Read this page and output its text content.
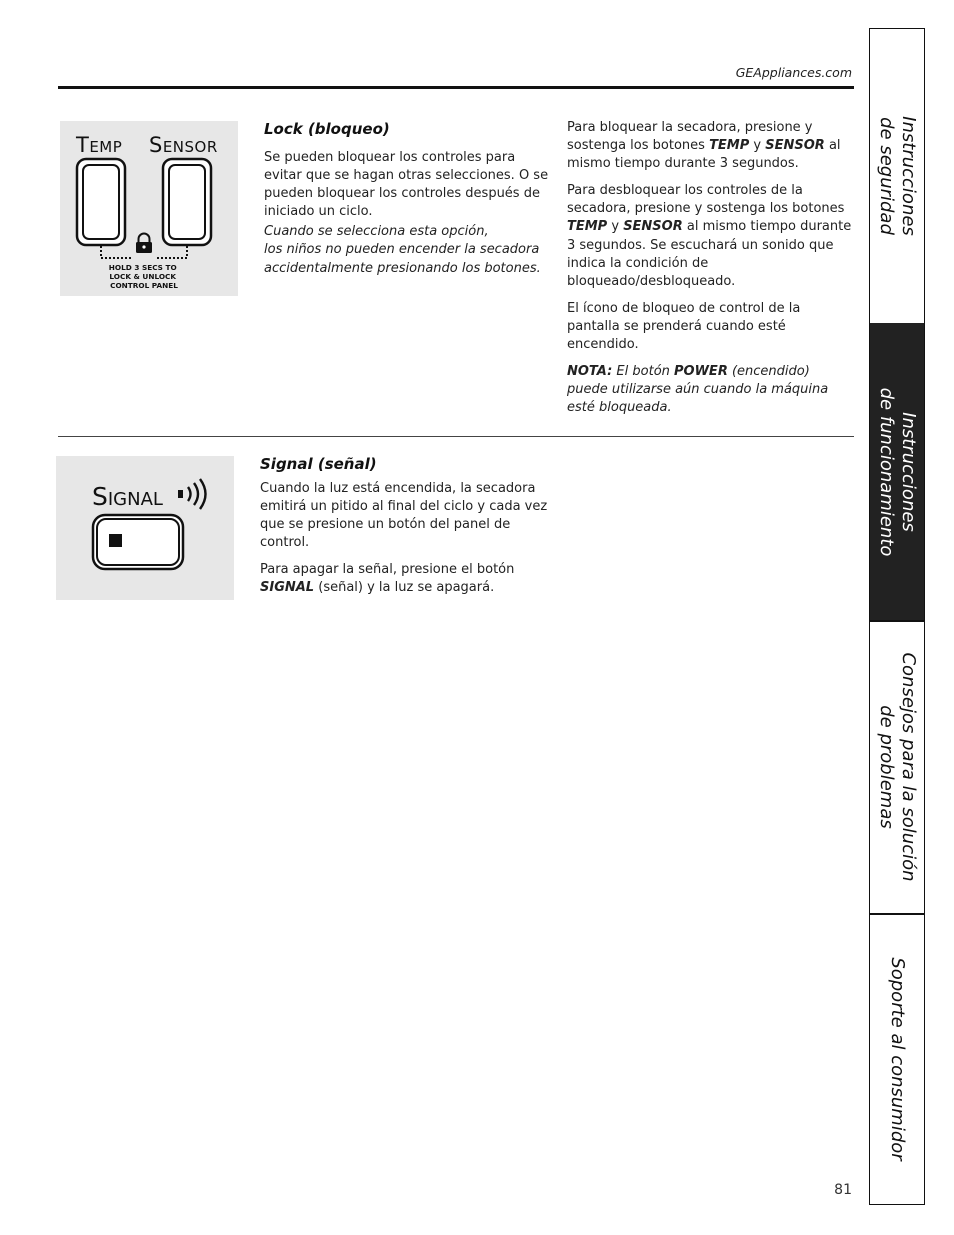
GEAppliances.com
Temp Sensor
HOLD 3 SECS TO LOCK & UNLOCK CONTROL PANEL
Lock (bloqueo)

Se pueden bloquear los controles para evitar que se hagan otras selecciones. O se pueden bloquear los controles después de iniciado un ciclo.

Cuando se selecciona esta opción,
los niños no pueden encender la secadora accidentalmente presionando los botones.

Para bloquear la secadora, presione y sostenga los botones TEMP y SENSOR al mismo tiempo durante 3 segundos.

Para desbloquear los controles de la secadora, presione y sostenga los botones TEMP y SENSOR al mismo tiempo durante 3 segundos. Se escuchará un sonido que indica la condición de bloqueado/desbloqueado.

El ícono de bloqueo de control de la pantalla se prenderá cuando esté encendido.

NOTA: El botón POWER (encendido) puede utilizarse aún cuando la máquina esté bloqueada.

Signal
Signal (señal)

Cuando la luz está encendida, la secadora emitirá un pitido al final del ciclo y cada vez que se presione un botón del panel de control.

Para apagar la señal, presione el botón SIGNAL (señal) y la luz se apagará.

81
Instrucciones
de seguridad
Instrucciones
de funcionamiento
Consejos para la solución
de problemas
Soporte al consumidor
